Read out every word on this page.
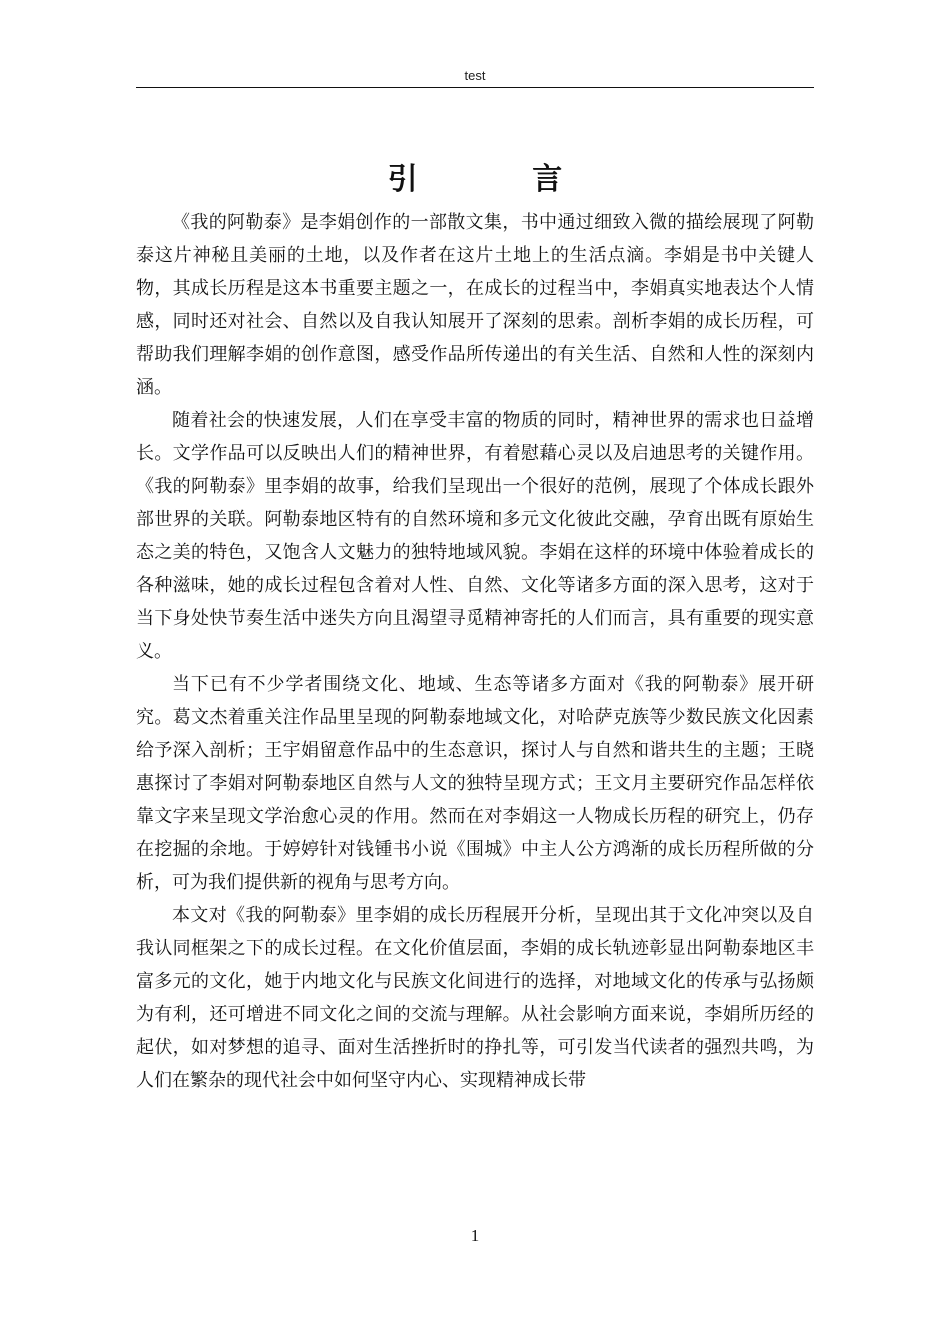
test
引 言

《我的阿勒泰》是李娟创作的一部散文集，书中通过细致入微的描绘展现了阿勒泰这片神秘且美丽的土地，以及作者在这片土地上的生活点滴。李娟是书中关键人物，其成长历程是这本书重要主题之一，在成长的过程当中，李娟真实地表达个人情感，同时还对社会、自然以及自我认知展开了深刻的思索。剖析李娟的成长历程，可帮助我们理解李娟的创作意图，感受作品所传递出的有关生活、自然和人性的深刻内涵。

随着社会的快速发展，人们在享受丰富的物质的同时，精神世界的需求也日益增长。文学作品可以反映出人们的精神世界，有着慰藉心灵以及启迪思考的关键作用。《我的阿勒泰》里李娟的故事，给我们呈现出一个很好的范例，展现了个体成长跟外部世界的关联。阿勒泰地区特有的自然环境和多元文化彼此交融，孕育出既有原始生态之美的特色，又饱含人文魅力的独特地域风貌。李娟在这样的环境中体验着成长的各种滋味，她的成长过程包含着对人性、自然、文化等诸多方面的深入思考，这对于当下身处快节奏生活中迷失方向且渴望寻觅精神寄托的人们而言，具有重要的现实意义。

当下已有不少学者围绕文化、地域、生态等诸多方面对《我的阿勒泰》展开研究。葛文杰着重关注作品里呈现的阿勒泰地域文化，对哈萨克族等少数民族文化因素给予深入剖析；王宇娟留意作品中的生态意识，探讨人与自然和谐共生的主题；王晓惠探讨了李娟对阿勒泰地区自然与人文的独特呈现方式；王文月主要研究作品怎样依靠文字来呈现文学治愈心灵的作用。然而在对李娟这一人物成长历程的研究上，仍存在挖掘的余地。于婷婷针对钱锺书小说《围城》中主人公方鸿渐的成长历程所做的分析，可为我们提供新的视角与思考方向。

本文对《我的阿勒泰》里李娟的成长历程展开分析，呈现出其于文化冲突以及自我认同框架之下的成长过程。在文化价值层面，李娟的成长轨迹彰显出阿勒泰地区丰富多元的文化，她于内地文化与民族文化间进行的选择，对地域文化的传承与弘扬颇为有利，还可增进不同文化之间的交流与理解。从社会影响方面来说，李娟所历经的起伏，如对梦想的追寻、面对生活挫折时的挣扎等，可引发当代读者的强烈共鸣，为人们在繁杂的现代社会中如何坚守内心、实现精神成长带

1
